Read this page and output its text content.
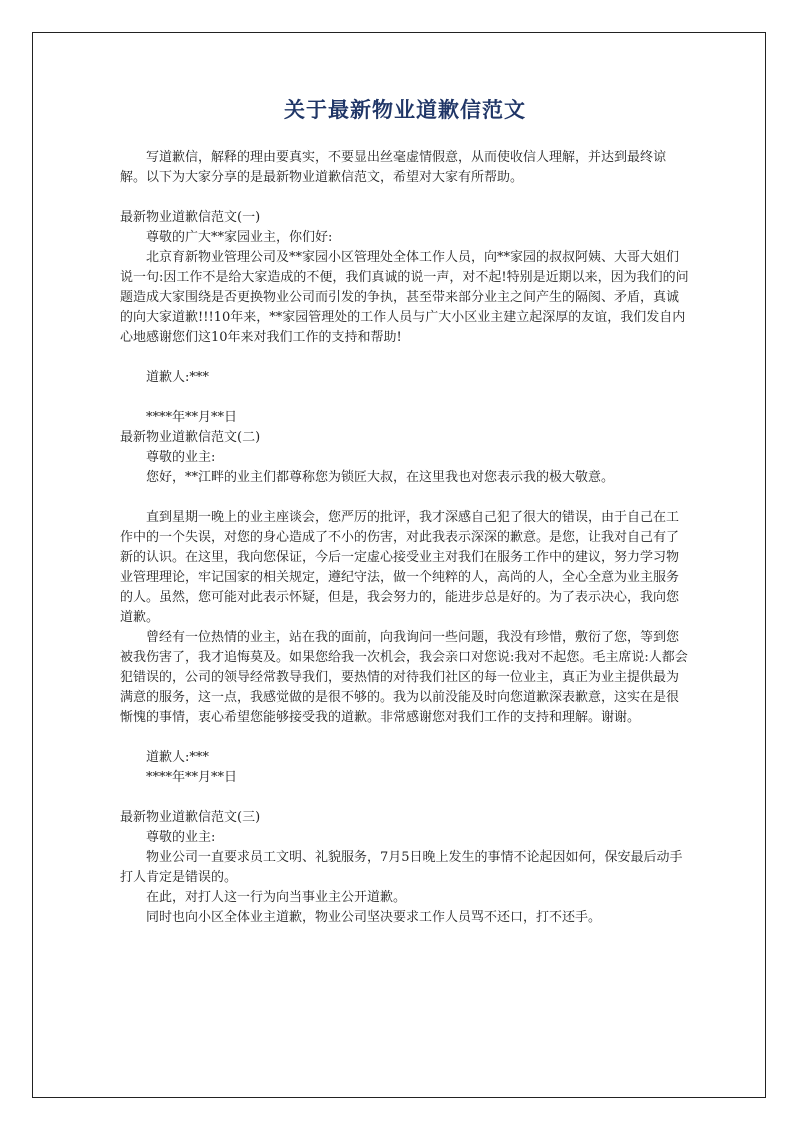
关于最新物业道歉信范文

写道歉信，解释的理由要真实，不要显出丝毫虚情假意，从而使收信人理解，并达到最终谅解。以下为大家分享的是最新物业道歉信范文，希望对大家有所帮助。

最新物业道歉信范文(一)

尊敬的广大**家园业主，你们好:

北京育新物业管理公司及**家园小区管理处全体工作人员，向**家园的叔叔阿姨、大哥大姐们说一句:因工作不是给大家造成的不便，我们真诚的说一声，对不起!特别是近期以来，因为我们的问题造成大家围绕是否更换物业公司而引发的争执，甚至带来部分业主之间产生的隔阂、矛盾，真诚的向大家道歉!!!10年来，**家园管理处的工作人员与广大小区业主建立起深厚的友谊，我们发自内心地感谢您们这10年来对我们工作的支持和帮助!

道歉人:***

****年**月**日

最新物业道歉信范文(二)

尊敬的业主:

您好，**江畔的业主们都尊称您为锁匠大叔，在这里我也对您表示我的极大敬意。

直到星期一晚上的业主座谈会，您严厉的批评，我才深感自己犯了很大的错误，由于自己在工作中的一个失误，对您的身心造成了不小的伤害，对此我表示深深的歉意。是您，让我对自己有了新的认识。在这里，我向您保证，今后一定虚心接受业主对我们在服务工作中的建议，努力学习物业管理理论，牢记国家的相关规定，遵纪守法，做一个纯粹的人，高尚的人，全心全意为业主服务的人。虽然，您可能对此表示怀疑，但是，我会努力的，能进步总是好的。为了表示决心，我向您道歉。

曾经有一位热情的业主，站在我的面前，向我询问一些问题，我没有珍惜，敷衍了您，等到您被我伤害了，我才追悔莫及。如果您给我一次机会，我会亲口对您说:我对不起您。毛主席说:人都会犯错误的，公司的领导经常教导我们，要热情的对待我们社区的每一位业主，真正为业主提供最为满意的服务，这一点，我感觉做的是很不够的。我为以前没能及时向您道歉深表歉意，这实在是很惭愧的事情，衷心希望您能够接受我的道歉。非常感谢您对我们工作的支持和理解。谢谢。

道歉人:***

****年**月**日

最新物业道歉信范文(三)

尊敬的业主:

物业公司一直要求员工文明、礼貌服务，7月5日晚上发生的事情不论起因如何，保安最后动手打人肯定是错误的。

在此，对打人这一行为向当事业主公开道歉。

同时也向小区全体业主道歉，物业公司坚决要求工作人员骂不还口，打不还手。
